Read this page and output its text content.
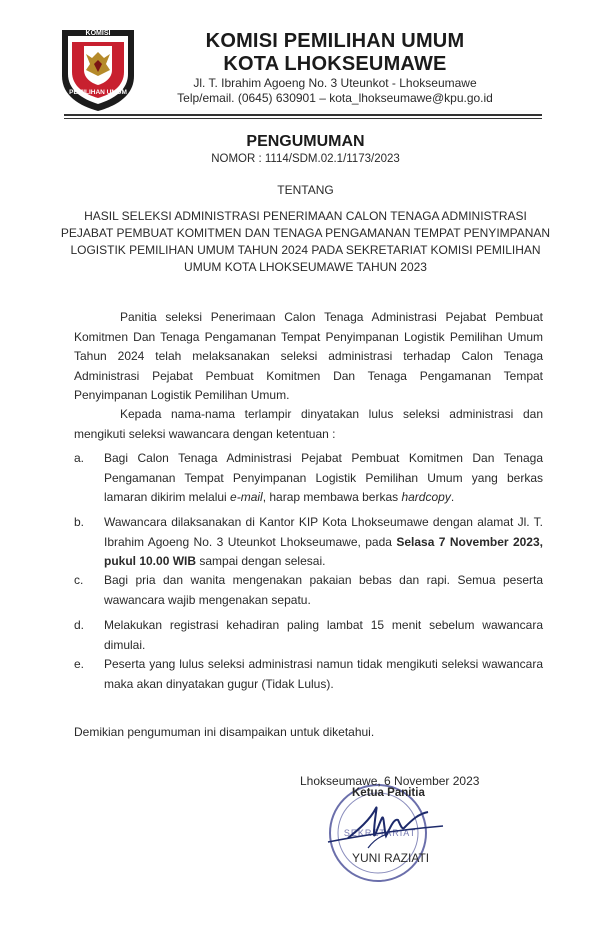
KOMISI
PEMILIHAN UMUM
KOMISI PEMILIHAN UMUM
KOTA LHOKSEUMAWE
Jl. T. Ibrahim Agoeng No. 3 Uteunkot - Lhokseumawe
Telp/email. (0645) 630901 – kota_lhokseumawe@kpu.go.id
PENGUMUMAN
NOMOR : 1114/SDM.02.1/1173/2023
TENTANG
HASIL SELEKSI ADMINISTRASI PENERIMAAN CALON TENAGA ADMINISTRASI PEJABAT PEMBUAT KOMITMEN DAN TENAGA PENGAMANAN TEMPAT PENYIMPANAN LOGISTIK PEMILIHAN UMUM TAHUN 2024 PADA SEKRETARIAT KOMISI PEMILIHAN UMUM KOTA LHOKSEUMAWE TAHUN 2023
Panitia seleksi Penerimaan Calon Tenaga Administrasi Pejabat Pembuat Komitmen Dan Tenaga Pengamanan Tempat Penyimpanan Logistik Pemilihan Umum Tahun 2024 telah melaksanakan seleksi administrasi terhadap Calon Tenaga Administrasi Pejabat Pembuat Komitmen Dan Tenaga Pengamanan Tempat Penyimpanan Logistik Pemilihan Umum.
Kepada nama-nama terlampir dinyatakan lulus seleksi administrasi dan mengikuti seleksi wawancara dengan ketentuan :
a.	Bagi Calon Tenaga Administrasi Pejabat Pembuat Komitmen Dan Tenaga Pengamanan Tempat Penyimpanan Logistik Pemilihan Umum yang berkas lamaran dikirim melalui e-mail, harap membawa berkas hardcopy.
b.	Wawancara dilaksanakan di Kantor KIP Kota Lhokseumawe dengan alamat Jl. T. Ibrahim Agoeng No. 3 Uteunkot Lhokseumawe, pada Selasa 7 November 2023, pukul 10.00 WIB sampai dengan selesai.
c.	Bagi pria dan wanita mengenakan pakaian bebas dan rapi. Semua peserta wawancara wajib mengenakan sepatu.
d.	Melakukan registrasi kehadiran paling lambat 15 menit sebelum wawancara dimulai.
e.	Peserta yang lulus seleksi administrasi namun tidak mengikuti seleksi wawancara maka akan dinyatakan gugur (Tidak Lulus).
Demikian pengumuman ini disampaikan untuk diketahui.
SEKRETARIAT
Lhokseumawe, 6 November 2023
Ketua Panitia
YUNI RAZIATI
